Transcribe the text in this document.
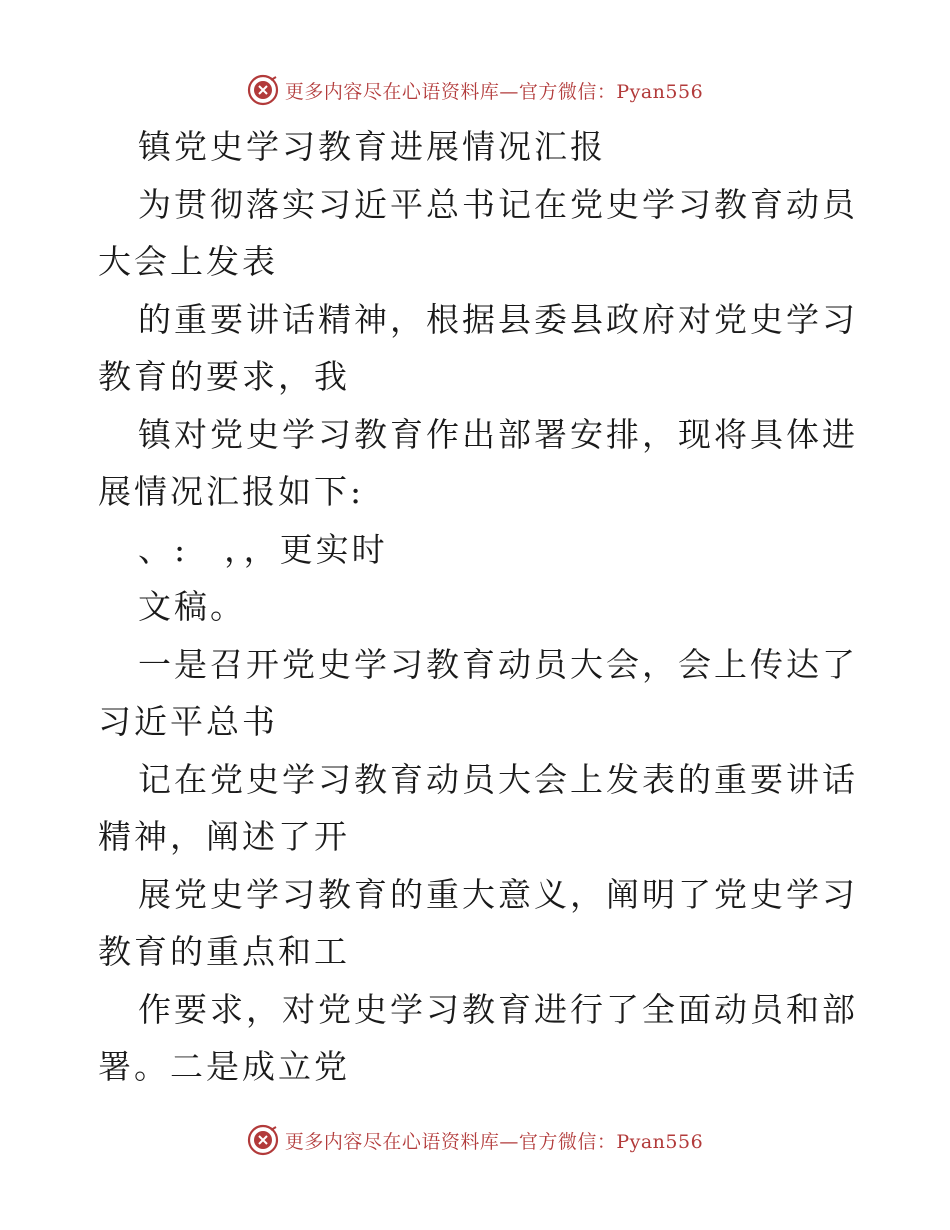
更多内容尽在心语资料库—官方微信：Pyan556

镇党史学习教育进展情况汇报

为贯彻落实习近平总书记在党史学习教育动员大会上发表

的重要讲话精神，根据县委县政府对党史学习教育的要求，我

镇对党史学习教育作出部署安排，现将具体进展情况汇报如下:

、:　，，更实时

文稿。

一是召开党史学习教育动员大会，会上传达了习近平总书

记在党史学习教育动员大会上发表的重要讲话精神，阐述了开

展党史学习教育的重大意义，阐明了党史学习教育的重点和工

作要求，对党史学习教育进行了全面动员和部署。二是成立党

更多内容尽在心语资料库—官方微信：Pyan556
